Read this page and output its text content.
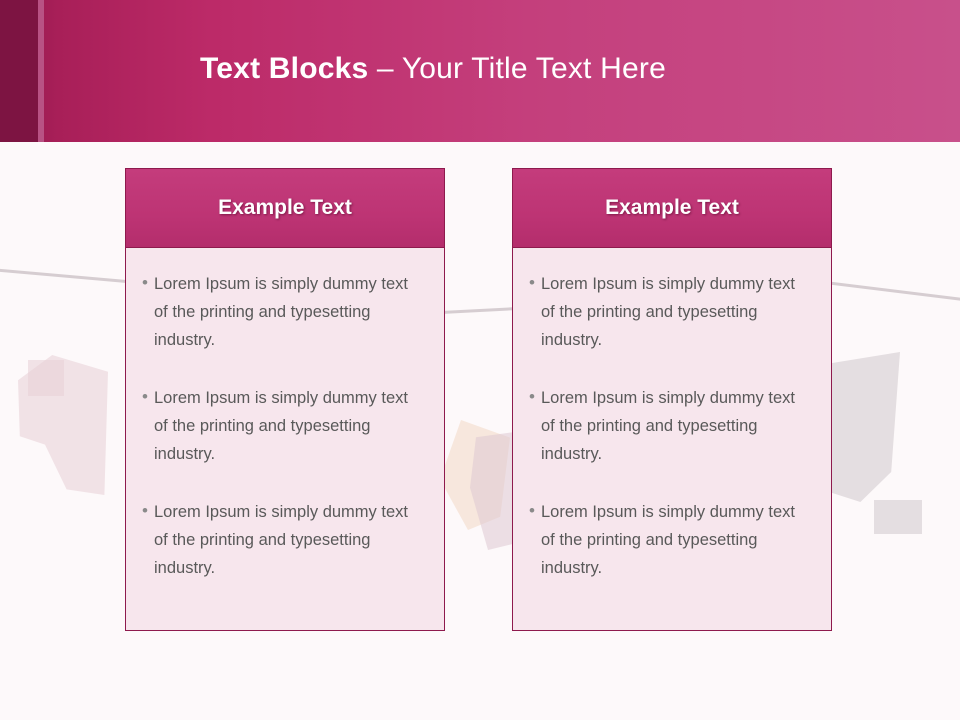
Text Blocks – Your Title Text Here
Example Text
• Lorem Ipsum is simply dummy text of the printing and typesetting industry.
• Lorem Ipsum is simply dummy text of the printing and typesetting industry.
• Lorem Ipsum is simply dummy text of the printing and typesetting industry.
Example Text
• Lorem Ipsum is simply dummy text of the printing and typesetting industry.
• Lorem Ipsum is simply dummy text of the printing and typesetting industry.
• Lorem Ipsum is simply dummy text of the printing and typesetting industry.
